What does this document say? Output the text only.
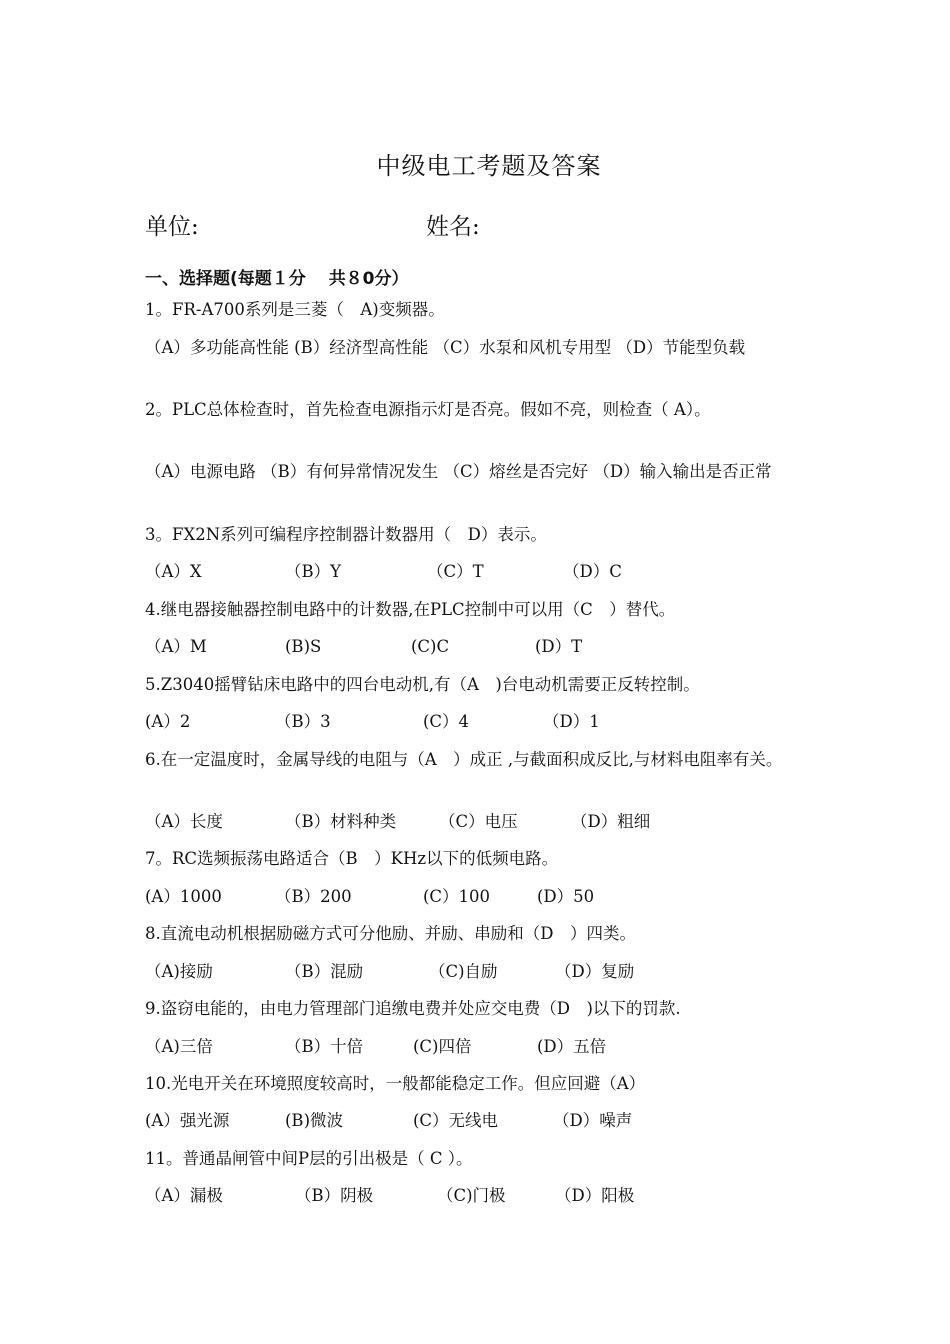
中级电工考题及答案
单位:	姓名:
一、选择题(每题１分　 共８0分）
1。FR-A700系列是三菱（　A)变频器。
（A）多功能高性能 (B）经济型高性能 （C）水泵和风机专用型 （D）节能型负载
2。PLC总体检查时，首先检查电源指示灯是否亮。假如不亮，则检查（ A）。
（A）电源电路 （B）有何异常情况发生 （C）熔丝是否完好 （D）输入输出是否正常
3。FX2N系列可编程序控制器计数器用（　D）表示。
（A）X	（B）Y	（C）T	（D）C
4.继电器接触器控制电路中的计数器,在PLC控制中可以用（C　）替代。
（A）M	(B)S	(C)C	(D）T
5.Z3040摇臂钻床电路中的四台电动机,有（A　)台电动机需要正反转控制。
(A）2	（B）3	(C）4	（D）1
6.在一定温度时，金属导线的电阻与（A　）成正 ,与截面积成反比,与材料电阻率有关。
（A）长度	（B）材料种类	（C）电压	（D）粗细
7。RC选频振荡电路适合（B　）KHz以下的低频电路。
(A）1000	（B）200	(C）100	(D）50
8.直流电动机根据励磁方式可分他励、并励、串励和（D　）四类。
（A)接励	（B）混励	（C)自励	（D）复励
9.盗窃电能的，由电力管理部门追缴电费并处应交电费（D　)以下的罚款.
（A)三倍	（B）十倍	(C)四倍	(D）五倍
10.光电开关在环境照度较高时，一般都能稳定工作。但应回避（A）
(A）强光源	(B)微波	(C）无线电	（D）噪声
11。普通晶闸管中间P层的引出极是（ C ）。
（A）漏极	（B）阴极	（C)门极	（D）阳极
